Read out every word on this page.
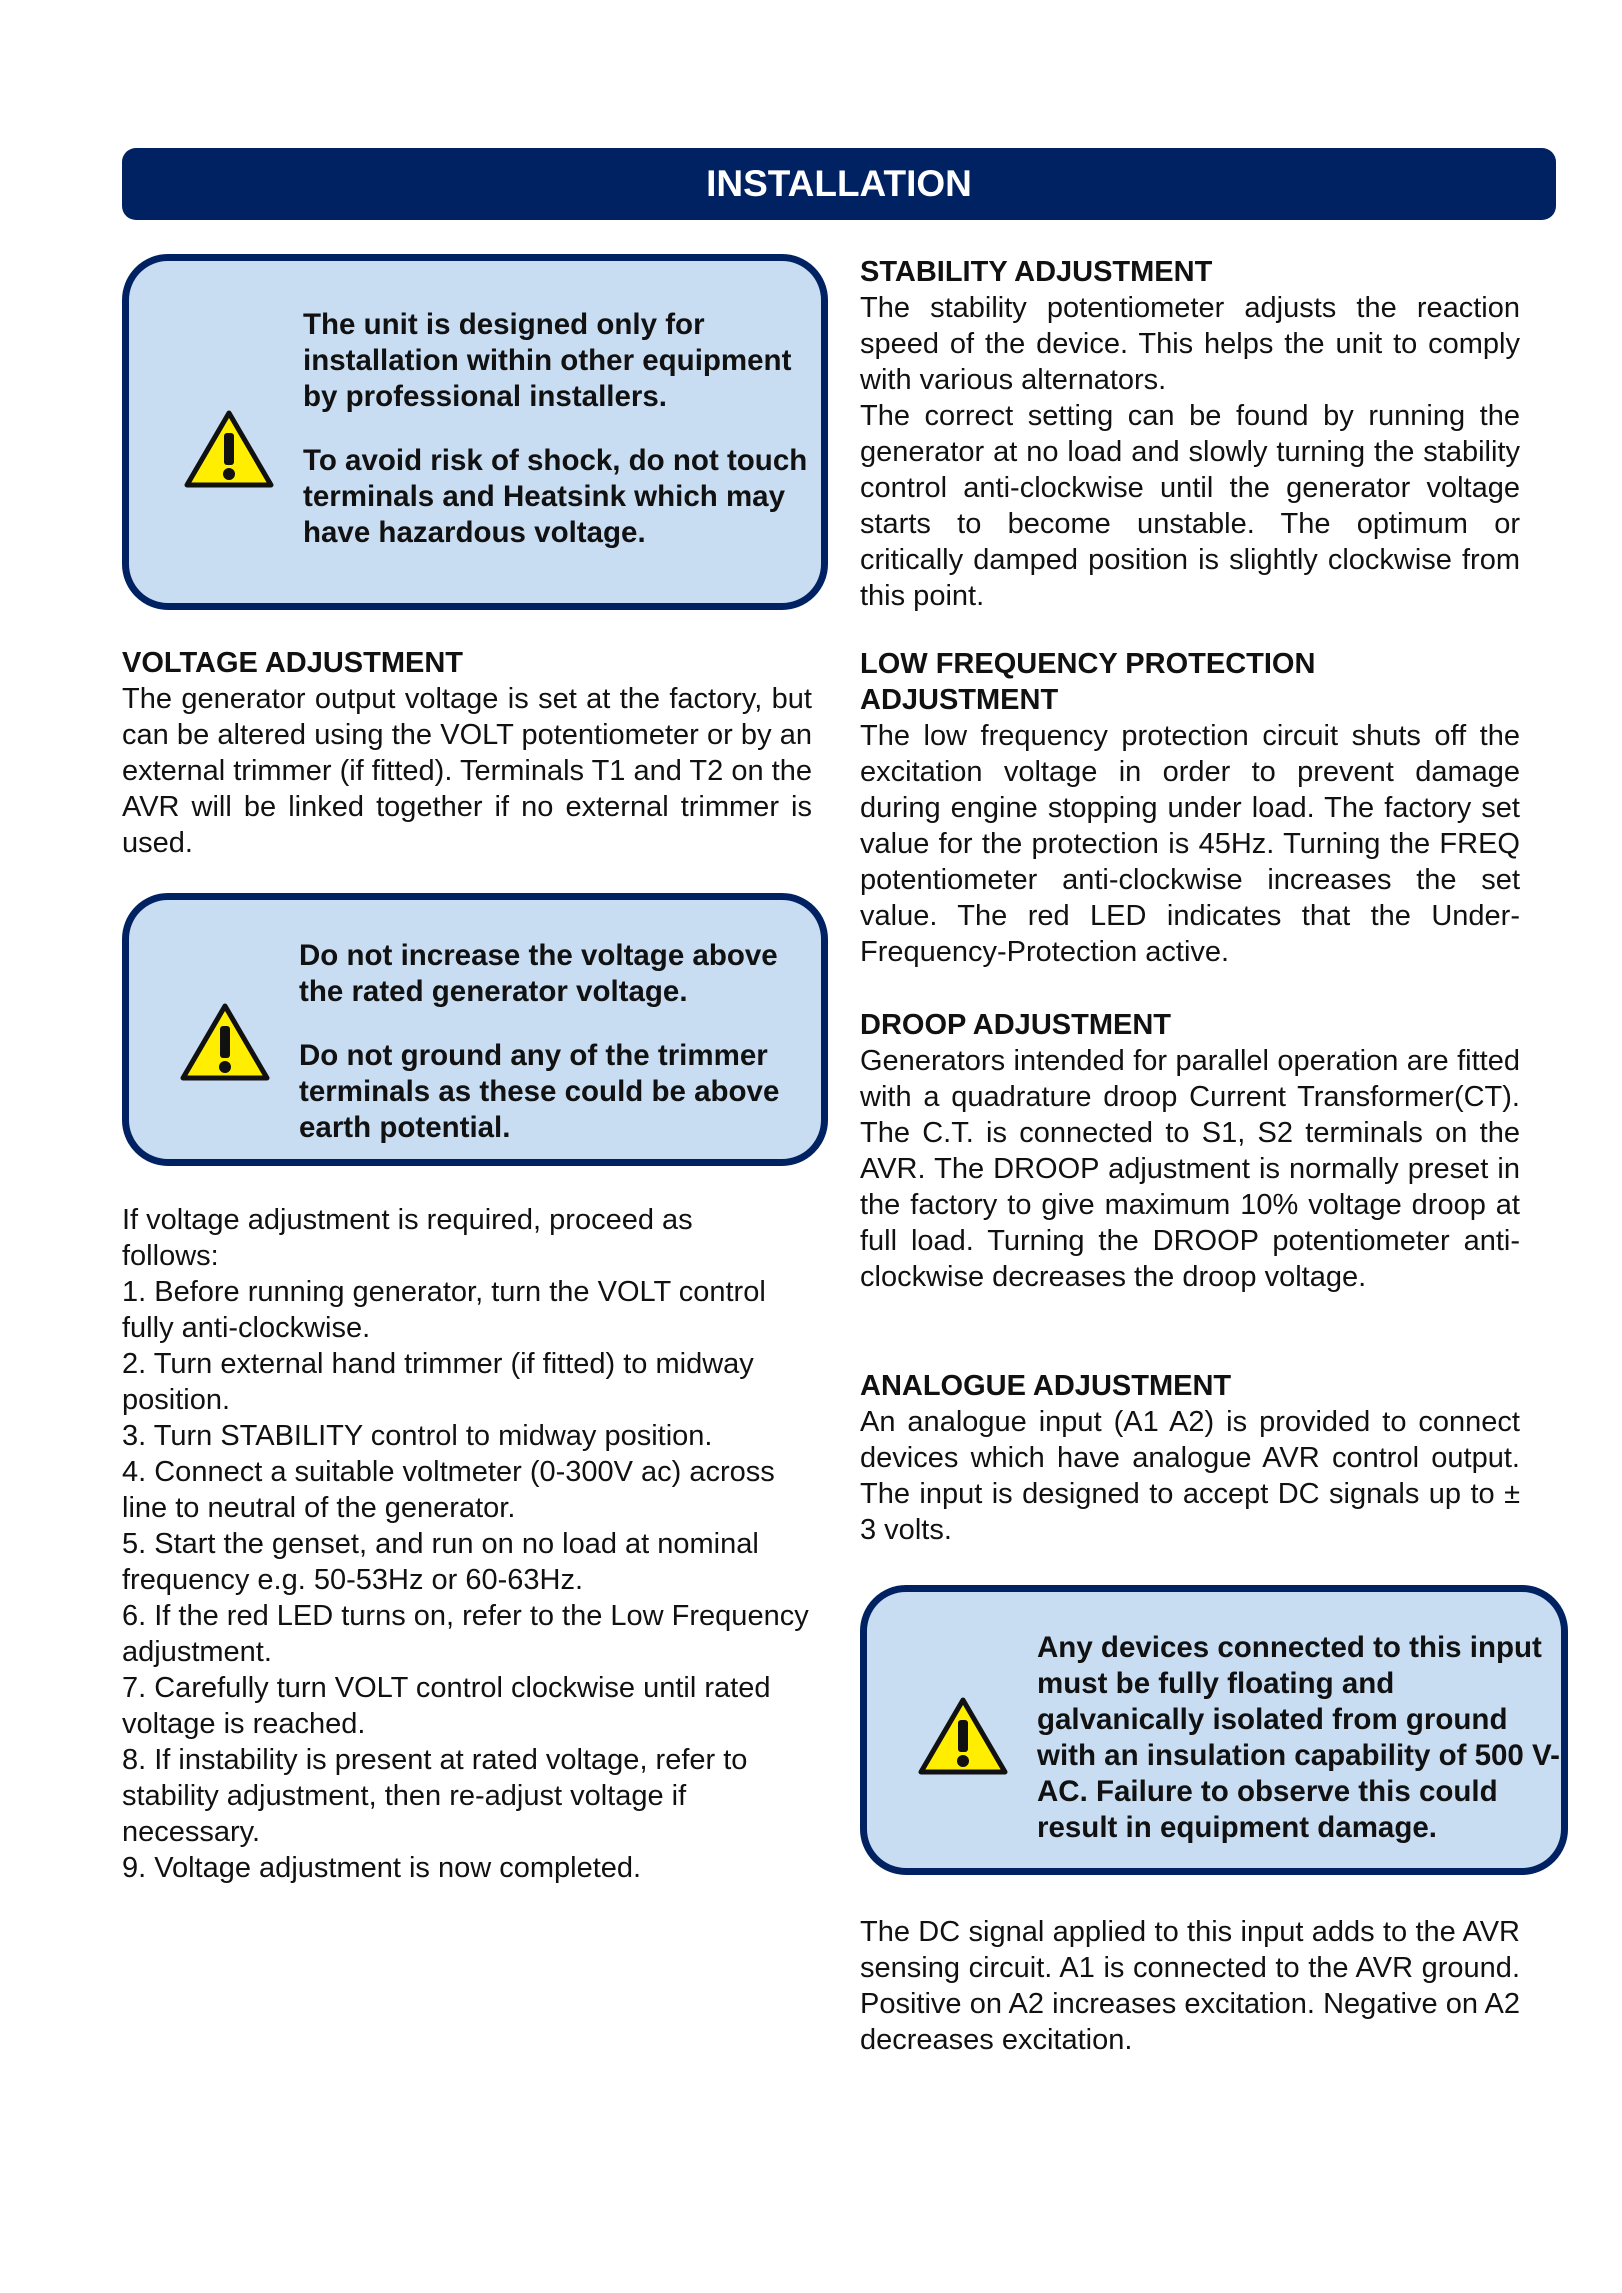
INSTALLATION

The unit is designed only for installation within other equipment by professional installers.

To avoid risk of shock, do not touch terminals and Heatsink which may have hazardous voltage.

VOLTAGE ADJUSTMENT
The generator output voltage is set at the factory, but can be altered using the VOLT potentiometer or by an external trimmer (if fitted). Terminals T1 and T2 on the AVR will be linked together if no external trimmer is used.

Do not increase the voltage above the rated generator voltage.

Do not ground any of the trimmer terminals as these could be above earth potential.

If voltage adjustment is required, proceed as follows:
1. Before running generator, turn the VOLT control fully anti-clockwise.
2. Turn external hand trimmer (if fitted) to midway position.
3. Turn STABILITY control to midway position.
4. Connect a suitable voltmeter (0-300V ac) across line to neutral of the generator.
5. Start the genset, and run on no load at nominal frequency e.g. 50-53Hz or 60-63Hz.
6. If the red LED turns on, refer to the Low Frequency adjustment.
7. Carefully turn VOLT control clockwise until rated voltage is reached.
8. If instability is present at rated voltage, refer to stability adjustment, then re-adjust voltage if necessary.
9. Voltage adjustment is now completed.
STABILITY ADJUSTMENT
The stability potentiometer adjusts the reaction speed of the device. This helps the unit to comply with various alternators.
The correct setting can be found by running the generator at no load and slowly turning the stability control anti-clockwise until the generator voltage starts to become unstable. The optimum or critically damped position is slightly clockwise from this point.
LOW FREQUENCY PROTECTION
ADJUSTMENT
The low frequency protection circuit shuts off the excitation voltage in order to prevent damage during engine stopping under load. The factory set value for the protection is 45Hz. Turning the FREQ potentiometer anti-clockwise increases the set value. The red LED indicates that the Under-Frequency-Protection active.
DROOP ADJUSTMENT
Generators intended for parallel operation are fitted with a quadrature droop Current Transformer(CT). The C.T. is connected to S1, S2 terminals on the AVR. The DROOP adjustment is normally preset in the factory to give maximum 10% voltage droop at full load. Turning the DROOP potentiometer anti-clockwise decreases the droop voltage.
ANALOGUE ADJUSTMENT
An analogue input (A1 A2) is provided to connect devices which have analogue AVR control output. The input is designed to accept DC signals up to ± 3 volts.

Any devices connected to this input must be fully floating and galvanically isolated from ground with an insulation capability of 500 V-AC. Failure to observe this could result in equipment damage.

The DC signal applied to this input adds to the AVR sensing circuit. A1 is connected to the AVR ground. Positive on A2 increases excitation. Negative on A2 decreases excitation.
